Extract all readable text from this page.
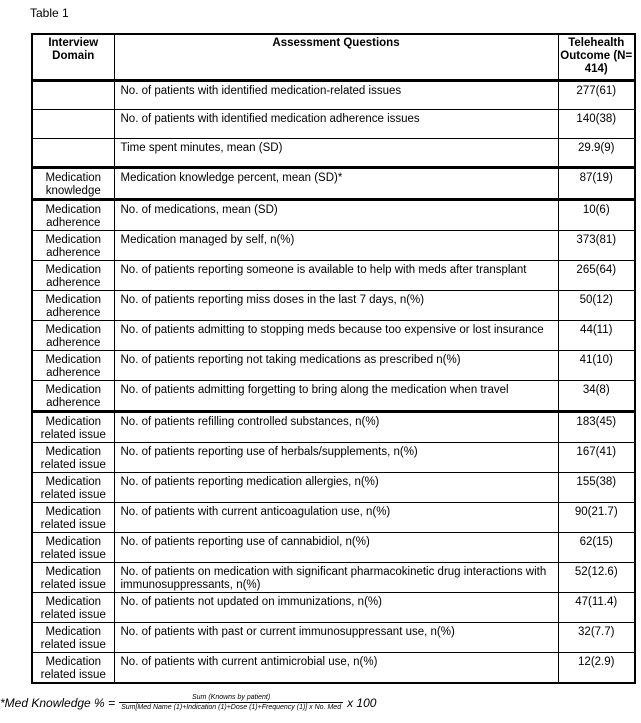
Table 1
Interview Domain	Assessment Questions	Telehealth Outcome (N= 414)
	No. of patients with identified medication-related issues	277(61)
	No. of patients with identified medication adherence issues	140(38)
	Time spent minutes, mean (SD)	29.9(9)
Medication knowledge	Medication knowledge percent, mean (SD)*	87(19)
Medication adherence	No. of medications, mean (SD)	10(6)
Medication adherence	Medication managed by self, n(%)	373(81)
Medication adherence	No. of patients reporting someone is available to help with meds after transplant	265(64)
Medication adherence	No. of patients reporting miss doses in the last 7 days, n(%)	50(12)
Medication adherence	No. of patients admitting to stopping meds because too expensive or lost insurance	44(11)
Medication adherence	No. of patients reporting not taking medications as prescribed n(%)	41(10)
Medication adherence	No. of patients admitting forgetting to bring along the medication when travel	34(8)
Medication related issue	No. of patients refilling controlled substances, n(%)	183(45)
Medication related issue	No. of patients reporting use of herbals/supplements, n(%)	167(41)
Medication related issue	No. of patients reporting medication allergies, n(%)	155(38)
Medication related issue	No. of patients with current anticoagulation use, n(%)	90(21.7)
Medication related issue	No. of patients reporting use of cannabidiol, n(%)	62(15)
Medication related issue	No. of patients on medication with significant pharmacokinetic drug interactions with immunosuppressants, n(%)	52(12.6)
Medication related issue	No. of patients not updated on immunizations, n(%)	47(11.4)
Medication related issue	No. of patients with past or current immunosuppressant use, n(%)	32(7.7)
Medication related issue	No. of patients with current antimicrobial use, n(%)	12(2.9)
*Med Knowledge % =	Sum (Knowns by patient)
Sum[Med Name (1)+Indication (1)+Dose (1)+Frequency (1)] x No. Med x 100
